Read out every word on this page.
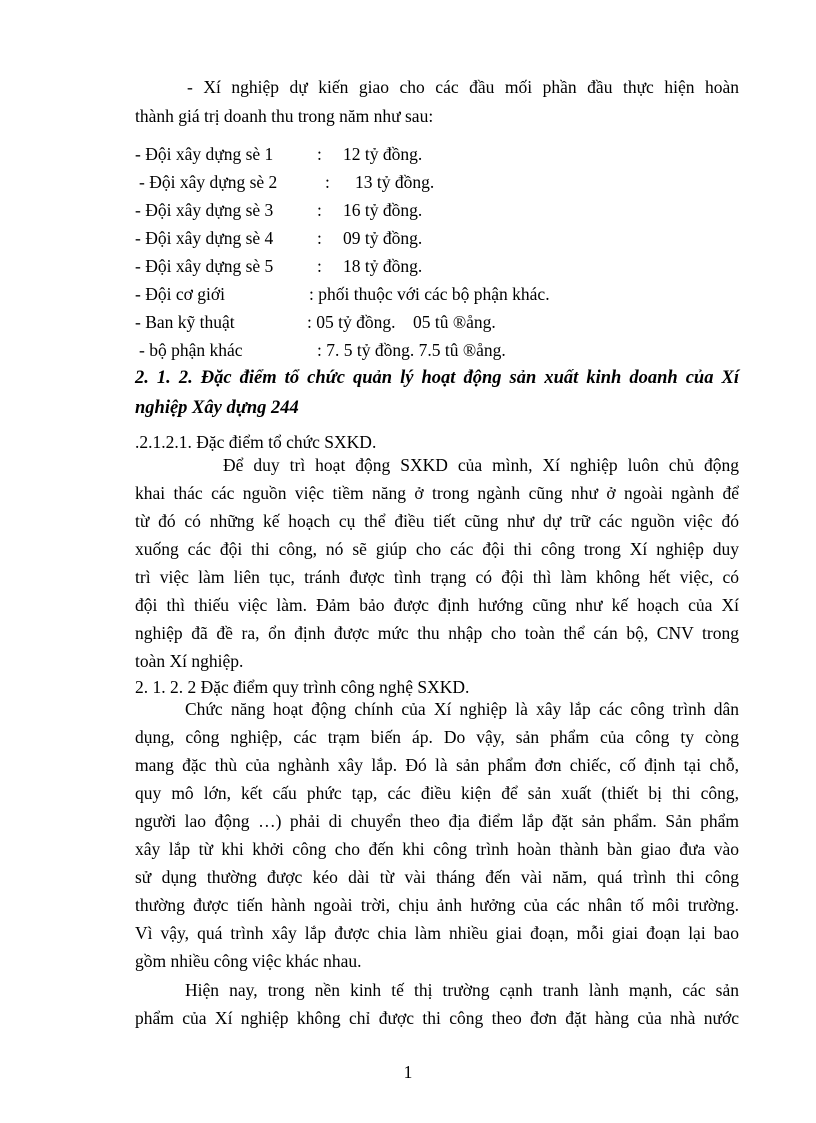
- Xí nghiệp dự kiến giao cho các đầu mối phần đầu thực hiện hoàn
thành giá trị doanh thu trong năm như sau:
- Đội xây dựng sè 1 : 12 tỷ đồng.
- Đội xây dựng sè 2	: 13 tỷ đồng.
- Đội xây dựng sè 3 : 16 tỷ đồng.
- Đội xây dựng sè 4 : 09 tỷ đồng.
- Đội xây dựng sè 5 : 18 tỷ đồng.
- Đội cơ giới	: phối thuộc với các bộ phận khác.
- Ban kỹ thuật	: 05 tỷ đồng.    05 tû ®ång.
- bộ phận khác	: 7. 5 tỷ đồng. 7.5 tû ®ång.
2. 1. 2. Đặc điểm tổ chức quản lý hoạt động sản xuất kinh doanh của Xí
nghiệp Xây dựng 244
.2.1.2.1. Đặc điểm tổ chức SXKD.
Để duy trì hoạt động SXKD của mình, Xí nghiệp luôn chủ động
khai thác các nguồn việc tiềm năng ở trong ngành cũng như ở ngoài ngành để
từ đó có những kế hoạch cụ thể điều tiết cũng như dự trữ các nguồn việc đó
xuống các đội thi công, nó sẽ giúp cho các đội thi công trong Xí nghiệp duy
trì việc làm liên tục, tránh được tình trạng có đội thì làm không hết việc, có
đội thì thiếu việc làm. Đảm bảo được định hướng cũng như kế hoạch của Xí
nghiệp đã đề ra, ổn định được mức thu nhập cho toàn thể cán bộ, CNV trong
toàn Xí nghiệp.
2. 1. 2. 2 Đặc điểm quy trình công nghệ SXKD.
Chức năng hoạt động chính của Xí nghiệp là xây lắp các công trình dân
dụng, công nghiệp, các trạm biến áp. Do vậy, sản phẩm của công ty còng
mang đặc thù của nghành xây lắp. Đó là sản phẩm đơn chiếc, cố định tại chỗ,
quy mô lớn, kết cấu phức tạp, các điều kiện để sản xuất (thiết bị thi công,
người lao động …) phải di chuyển theo địa điểm lắp đặt sản phẩm. Sản phẩm
xây lắp từ khi khởi công cho đến khi công trình hoàn thành bàn giao đưa vào
sử dụng thường được kéo dài từ vài tháng đến vài năm, quá trình thi công
thường được tiến hành ngoài trời, chịu ảnh hưởng của các nhân tố môi trường.
Vì vậy, quá trình xây lắp được chia làm nhiều giai đoạn, mỗi giai đoạn lại bao
gồm nhiều công việc khác nhau.
Hiện nay, trong nền kinh tế thị trường cạnh tranh lành mạnh, các sản
phẩm của Xí nghiệp không chỉ được thi công theo đơn đặt hàng của nhà nước
1
